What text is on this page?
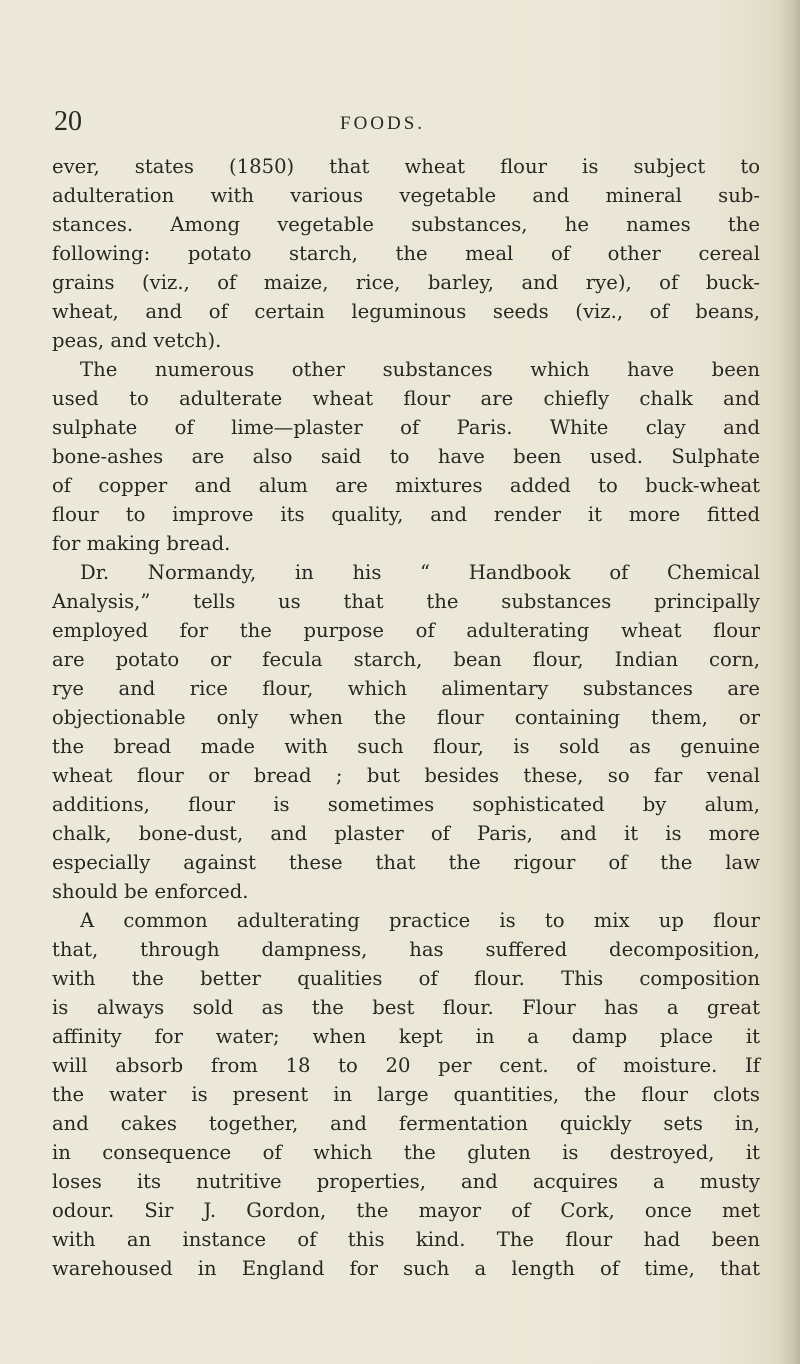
20	FOODS.
ever, states (1850) that wheat flour is subject to
adulteration with various vegetable and mineral sub-
stances. Among vegetable substances, he names the
following: potato starch, the meal of other cereal
grains (viz., of maize, rice, barley, and rye), of buck-
wheat, and of certain leguminous seeds (viz., of beans,
peas, and vetch).
The numerous other substances which have been
used to adulterate wheat flour are chiefly chalk and
sulphate of lime—plaster of Paris. White clay and
bone-ashes are also said to have been used. Sulphate
of copper and alum are mixtures added to buck-wheat
flour to improve its quality, and render it more fitted
for making bread.
Dr. Normandy, in his “ Handbook of Chemical
Analysis,” tells us that the substances principally
employed for the purpose of adulterating wheat flour
are potato or fecula starch, bean flour, Indian corn,
rye and rice flour, which alimentary substances are
objectionable only when the flour containing them, or
the bread made with such flour, is sold as genuine
wheat flour or bread ; but besides these, so far venal
additions, flour is sometimes sophisticated by alum,
chalk, bone-dust, and plaster of Paris, and it is more
especially against these that the rigour of the law
should be enforced.
A common adulterating practice is to mix up flour
that, through dampness, has suffered decomposition,
with the better qualities of flour. This composition
is always sold as the best flour. Flour has a great
affinity for water; when kept in a damp place it
will absorb from 18 to 20 per cent. of moisture. If
the water is present in large quantities, the flour clots
and cakes together, and fermentation quickly sets in,
in consequence of which the gluten is destroyed, it
loses its nutritive properties, and acquires a musty
odour. Sir J. Gordon, the mayor of Cork, once met
with an instance of this kind. The flour had been
warehoused in England for such a length of time, that
